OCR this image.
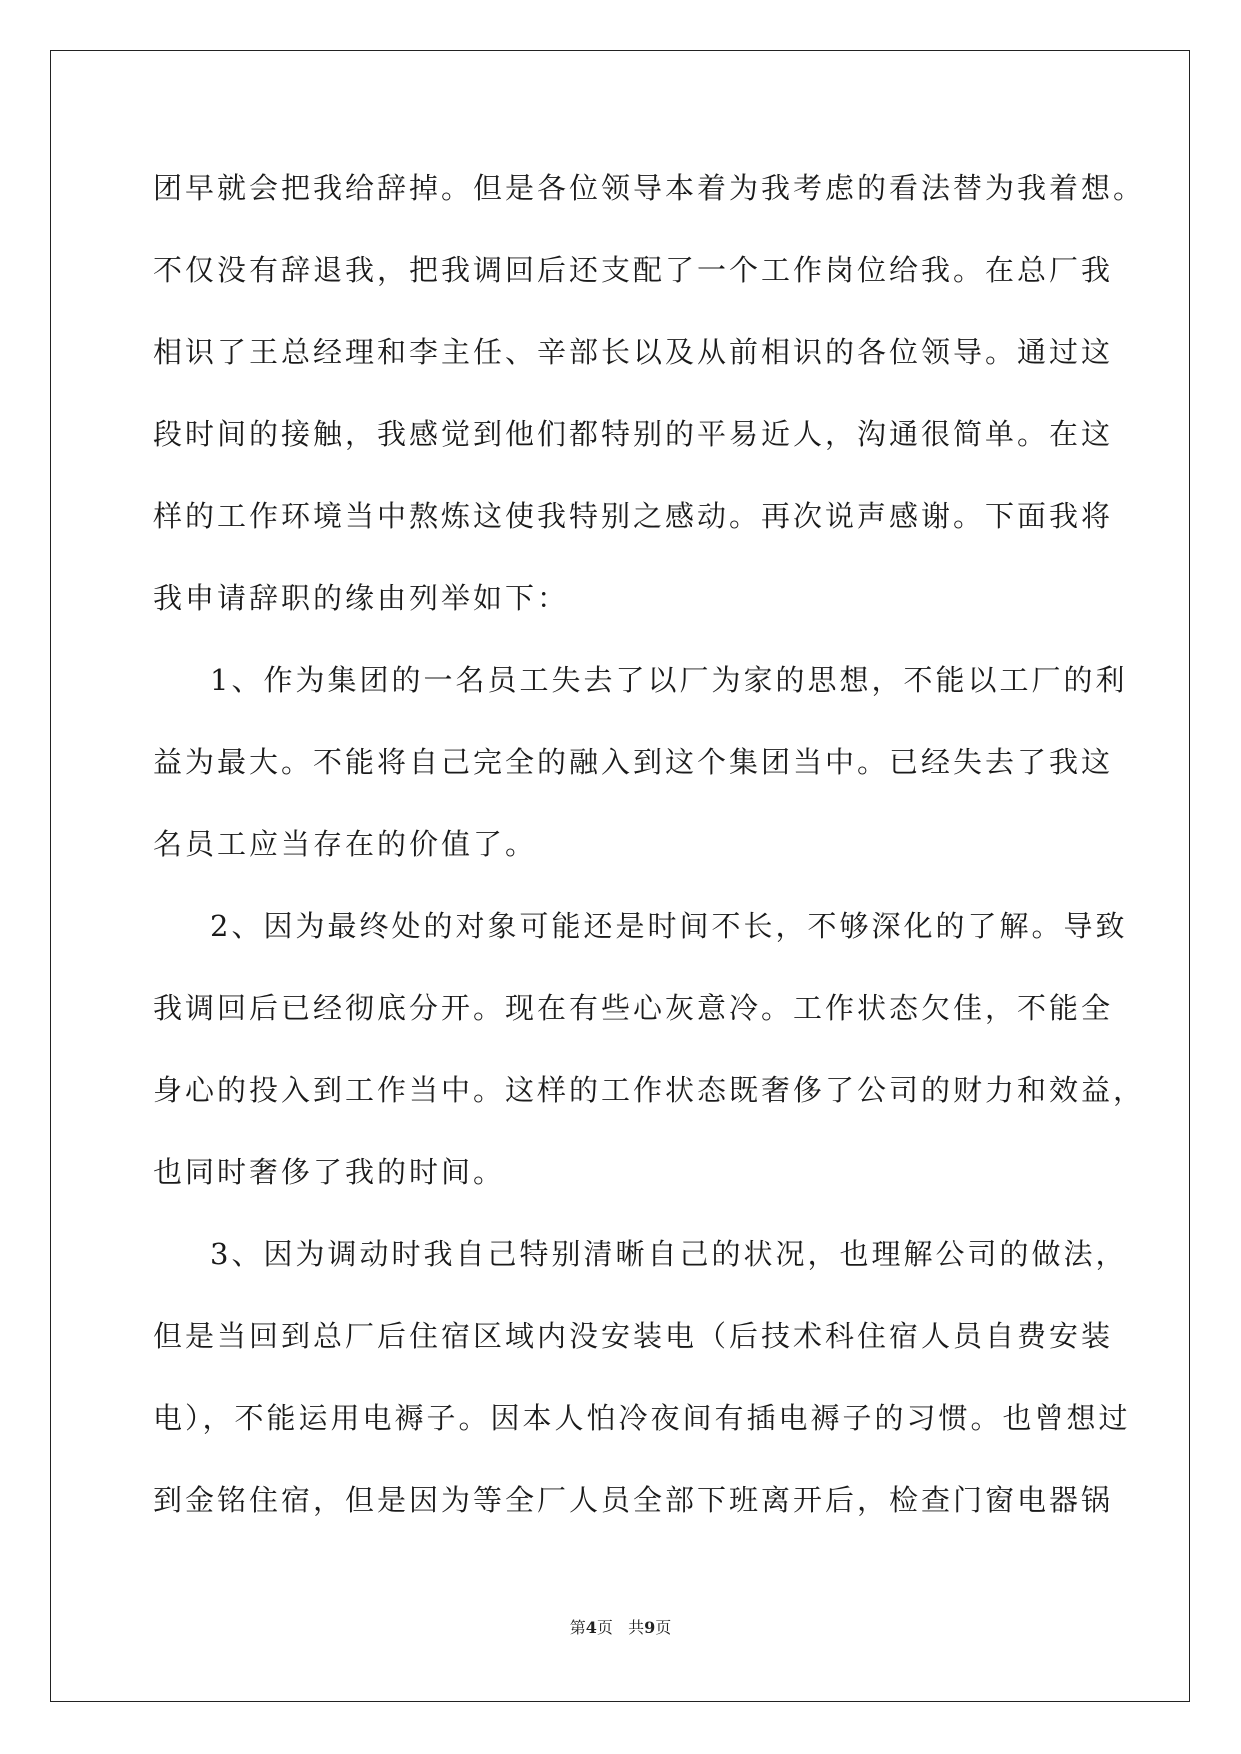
团早就会把我给辞掉。但是各位领导本着为我考虑的看法替为我着想。
不仅没有辞退我，把我调回后还支配了一个工作岗位给我。在总厂我
相识了王总经理和李主任、辛部长以及从前相识的各位领导。通过这
段时间的接触，我感觉到他们都特别的平易近人，沟通很简单。在这
样的工作环境当中熬炼这使我特别之感动。再次说声感谢。下面我将
我申请辞职的缘由列举如下：
1、作为集团的一名员工失去了以厂为家的思想，不能以工厂的利
益为最大。不能将自己完全的融入到这个集团当中。已经失去了我这
名员工应当存在的价值了。
2、因为最终处的对象可能还是时间不长，不够深化的了解。导致
我调回后已经彻底分开。现在有些心灰意冷。工作状态欠佳，不能全
身心的投入到工作当中。这样的工作状态既奢侈了公司的财力和效益，
也同时奢侈了我的时间。
3、因为调动时我自己特别清晰自己的状况，也理解公司的做法，
但是当回到总厂后住宿区域内没安装电（后技术科住宿人员自费安装
电），不能运用电褥子。因本人怕冷夜间有插电褥子的习惯。也曾想过
到金铭住宿，但是因为等全厂人员全部下班离开后，检查门窗电器锅
第4页   共9页
